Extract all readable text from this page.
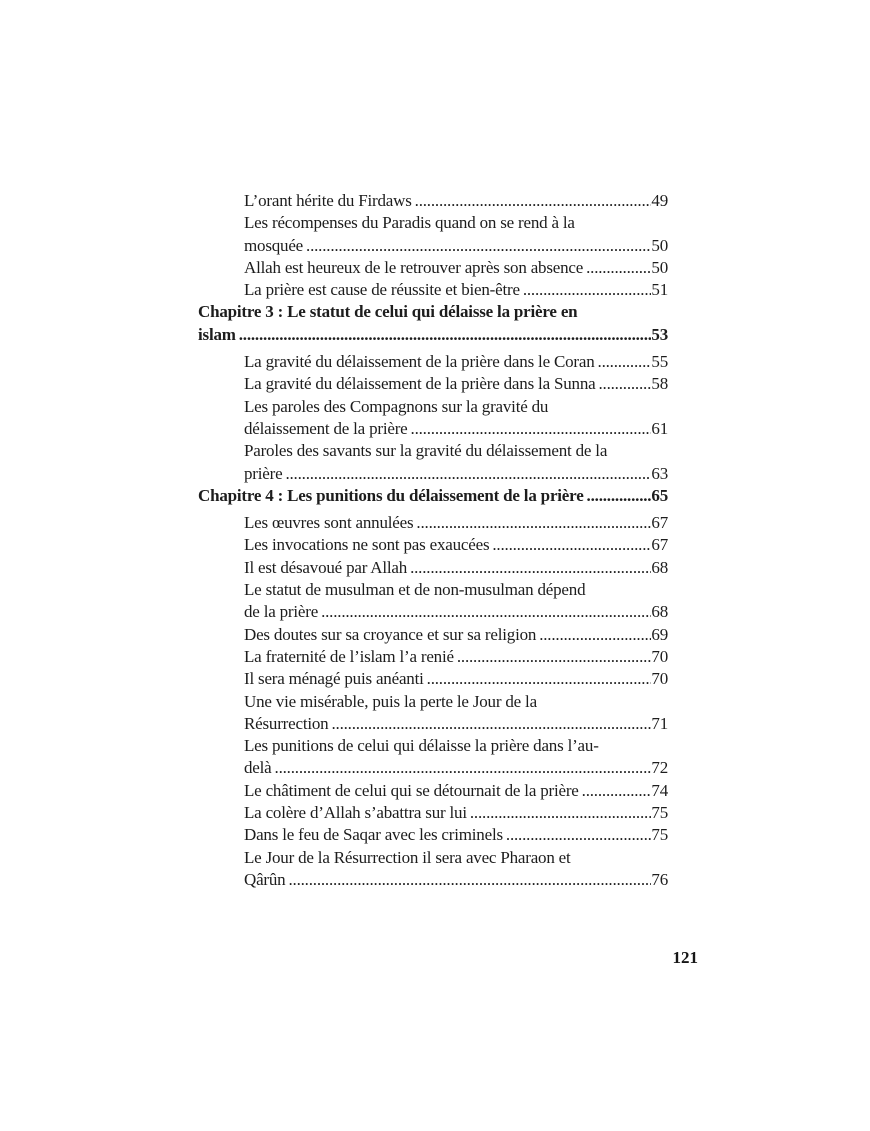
L’orant hérite du Firdaws .....	49
Les récompenses du Paradis quand on se rend à la
mosquée .....	50
Allah est heureux de le retrouver après son absence .....	50
La prière est cause de réussite et bien-être .....	51
Chapitre 3 : Le statut de celui qui délaisse la prière en
islam .....	53
La gravité du délaissement de la prière dans le Coran .....	55
La gravité du délaissement de la prière dans la Sunna .....	58
Les paroles des Compagnons sur la gravité du
délaissement de la prière .....	61
Paroles des savants sur la gravité du délaissement de la
prière .....	63
Chapitre 4 : Les punitions du délaissement de la prière .....	65
Les œuvres sont annulées .....	67
Les invocations ne sont pas exaucées .....	67
Il est désavoué par Allah .....	68
Le statut de musulman et de non-musulman dépend
de la prière .....	68
Des doutes sur sa croyance et sur sa religion .....	69
La fraternité de l’islam l’a renié .....	70
Il sera ménagé puis anéanti .....	70
Une vie misérable, puis la perte le Jour de la
Résurrection .....	71
Les punitions de celui qui délaisse la prière dans l’au-
delà .....	72
Le châtiment de celui qui se détournait de la prière .....	74
La colère d’Allah s’abattra sur lui .....	75
Dans le feu de Saqar avec les criminels .....	75
Le Jour de la Résurrection il sera avec Pharaon et
Qârûn .....	76
121
